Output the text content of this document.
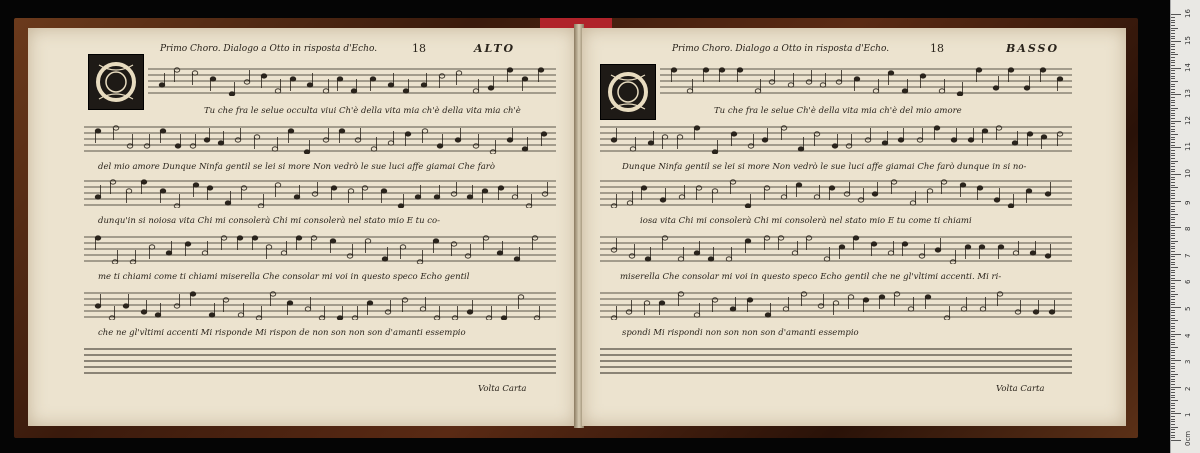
Primo Choro. Dialogo a Otto in risposta d'Echo.	18	ALTO
Tu che fra le selue occulta viui Ch'è della vita mia ch'è della vita mia ch'è
del mio amore Dunque Ninfa gentil se lei si more Non vedrò le sue luci affe giamai Che farò
dunqu'in si noiosa vita Chi mi consolerà Chi mi consolerà nel stato mio E tu co-
me ti chiami come ti chiami miserella Che consolar mi voi in questo speco Echo gentil
che ne gl'vltimi accenti Mi risponde Mi rispon de non son non son d'amanti essempio
Volta Carta
Primo Choro. Dialogo a Otto in risposta d'Echo.	18	BASSO
Tu che fra le selue Ch'è della vita mia ch'è del mio amore
Dunque Ninfa gentil se lei si more Non vedrò le sue luci affe giamai Che farò dunque in si no-
iosa vita Chi mi consolerà Chi mi consolerà nel stato mio E tu come ti chiami
miserella Che consolar mi voi in questo speco Echo gentil che ne gl'vltimi accenti. Mi ri-
spondi Mi rispondi non son non son d'amanti essempio
Volta Carta
0cm
1
2
3
4
5
6
7
8
9
10
11
12
13
14
15
16
